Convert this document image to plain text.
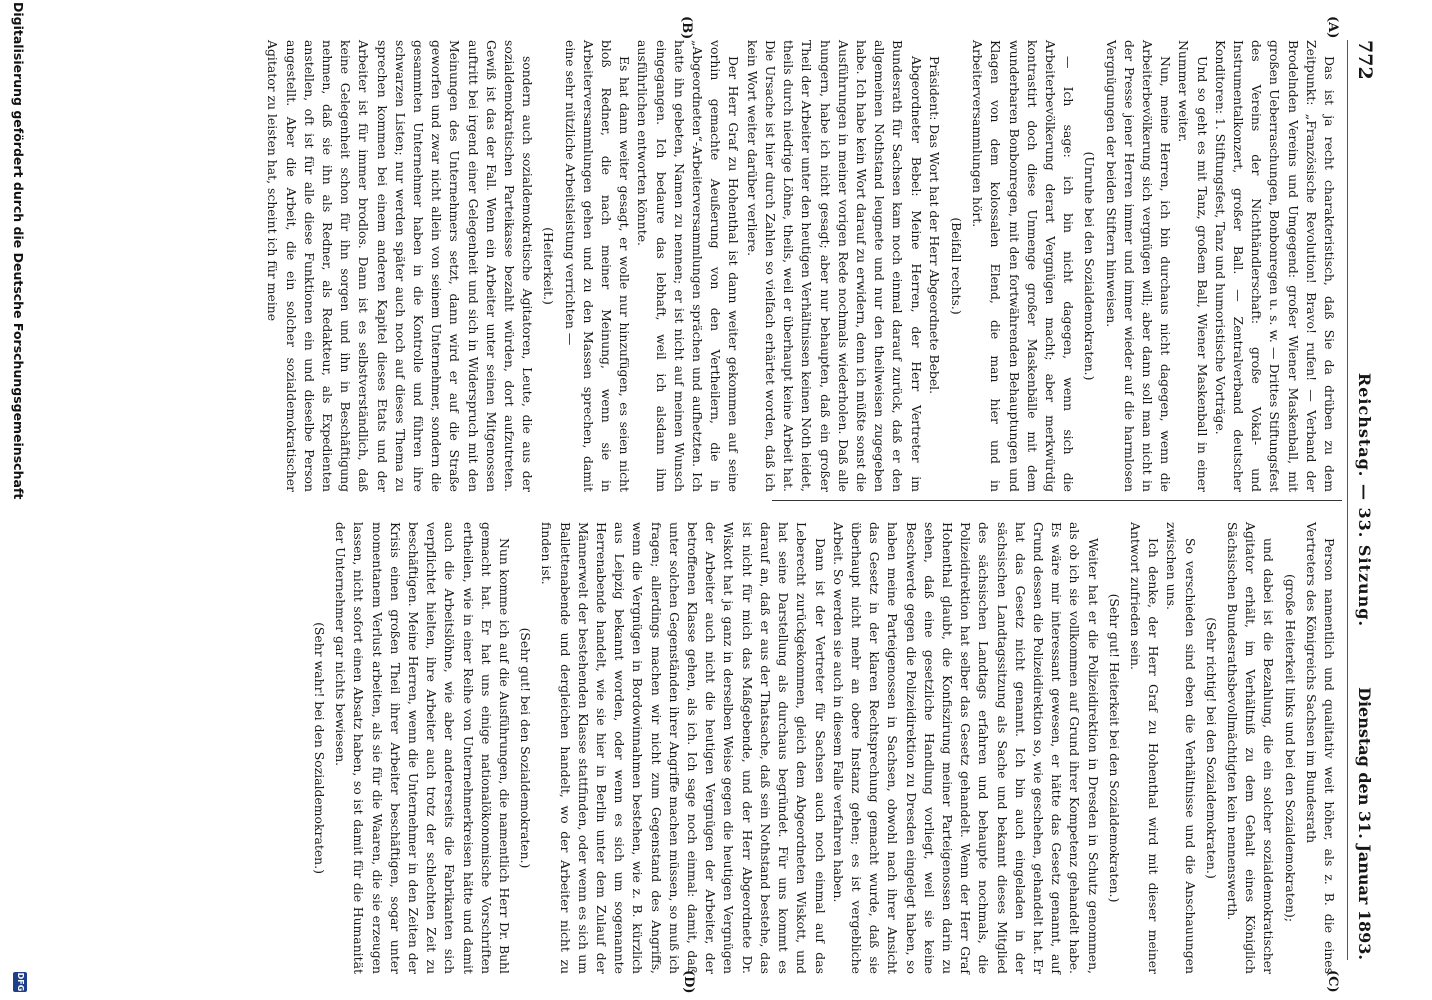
772
Reichstag. — 33. Sitzung.
Dienstag den 31. Januar 1893.
(A)
(B)
(C)
(D)

Das ist ja recht charakteristisch, daß Sie da drüben zu dem Zeitpunkt: „Französische Revolution! Bravo! rufen! — Verband der Brodelnden Vereins und Umgegend: großer Wiener Maskenball, mit großen Ueberraschungen, Bonbonregen u. s. w. — Drittes Stiftungsfest des Vereins der Nichthändlerschaft: große Vokal- und Instrumentalkonzert, großer Ball. — Zentralverband deutscher Konditoren: 1. Stiftungsfest, Tanz und humoristische Vorträge.

Und so geht es mit Tanz, großem Ball, Wiener Maskenball in einer Nummer weiter.

Nun, meine Herren, ich bin durchaus nicht dagegen, wenn die Arbeiterbevölkerung sich vergnügen will; aber dann soll man nicht in der Presse jener Herren immer und immer wieder auf die harmlosen Vergnügungen der beiden Stiftern hinweisen.

(Unruhe bei den Sozialdemokraten.)

— Ich sage: ich bin nicht dagegen, wenn sich die Arbeiterbevölkerung derart Vergnügen macht; aber merkwürdig kontrastirt doch diese Unmenge großer Maskenbälle mit dem wunderbaren Bonbonregen, mit den fortwährenden Behauptungen und Klagen von dem kolossalen Elend, die man hier und in Arbeiterversammlungen hört.

(Beifall rechts.)

Präsident: Das Wort hat der Herr Abgeordnete Bebel.

Abgeordneter Bebel: Meine Herren, der Herr Vertreter im Bundesrath für Sachsen kam noch einmal darauf zurück, daß er den allgemeinen Nothstand leugnete und nur den theilweisen zugegeben habe. Ich habe kein Wort darauf zu erwidern, denn ich müßte sonst die Ausführungen in meiner vorigen Rede nochmals wiederholen. Daß alle hungern, habe ich nicht gesagt; aber nur behaupten, daß ein großer Theil der Arbeiter unter den heutigen Verhältnissen keinen Noth leidet, theils durch niedrige Löhne, theils, weil er überhaupt keine Arbeit hat. Die Ursache ist hier durch Zahlen so vielfach erhärtet worden, daß ich kein Wort weiter darüber verliere.

Der Herr Graf zu Hohenthal ist dann weiter gekommen auf seine vorhin gemachte Aeußerung von den Vertheilern, die in „Abgeordneten“-Arbeiterversammlungen sprächen und aufhetzten. Ich hatte ihn gebeten, Namen zu nennen; er ist nicht auf meinen Wunsch eingegangen. Ich bedaure das lebhaft, weil ich alsdann ihm ausführlichen entworten könnte.

Es hat dann weiter gesagt, er wolle nur hinzufügen, es seien nicht bloß Redner, die nach meiner Meinung, wenn sie in Arbeiterversammlungen gehen und zu den Massen sprechen, damit eine sehr nützliche Arbeitsleistung verrichten —

(Heiterkeit.)

sondern auch sozialdemokratische Agitatoren, Leute, die aus der sozialdemokratischen Parteikasse bezahlt würden, dort aufzutreten. Gewiß ist das der Fall. Wenn ein Arbeiter unter seinen Mitgenossen auftritt bei irgend einer Gelegenheit und sich in Widerspruch mit den Meinungen des Unternehmers setzt, dann wird er auf die Straße geworfen und zwar nicht allein von seinem Unternehmer, sondern die gesammten Unternehmer haben in die Kontrolle und führen ihre schwarzen Listen; nur werden später auch noch auf dieses Thema zu sprechen kommen bei einem anderen Kapitel dieses Etats und der Arbeiter ist für immer brodlos. Dann ist es selbstverständlich, daß keine Gelegenheit schon für ihn sorgen und ihn in Beschäftigung nehmen, daß sie ihn als Redner, als Redakteur, als Expedienten anstellen, oft ist für alle diese Funktionen ein und dieselbe Person angestellt. Aber die Arbeit, die ein solcher sozialdemokratischer Agitator zu leisten hat, scheint ich für meine

Person namentlich und qualitativ weit höher, als z. B. die eines Vertreters des Königreichs Sachsen im Bundesrath

(große Heiterkeit links und bei den Sozialdemokraten);

und dabei ist die Bezahlung, die ein solcher sozialdemokratischer Agitator erhält, im Verhältniß zu dem Gehalt eines Königlich Sächsischen Bundesrathsbevollmächtigten kein nennenswerth.

(Sehr richtig! bei den Sozialdemokraten.)

So verschieden sind eben die Verhältnisse und die Anschauungen zwischen uns.

Ich denke, der Herr Graf zu Hohenthal wird mit dieser meiner Antwort zufrieden sein.

(Sehr gut! Heiterkeit bei den Sozialdemokraten.)

Weiter hat er die Polizeidirektion in Dresden in Schutz genommen, als ob ich sie vollkommen auf Grund ihrer Kompetenz gehandelt habe. Es wäre mir interessant gewesen, er hätte das Gesetz genannt, auf Grund dessen die Polizeidirektion so, wie geschehen, gehandelt hat. Er hat das Gesetz nicht genannt. Ich bin auch eingeladen in der sächsischen Landtagssitzung als Sache und bekannt dieses Mitglied des sächsischen Landtags erfahren und behaupte nochmals, die Polizeidirektion hat selber das Gesetz gehandelt. Wenn der Herr Graf Hohenthal glaubt, die Konfiszirung meiner Parteigenossen darin zu sehen, daß eine gesetzliche Handlung vorliegt, weil sie keine Beschwerde gegen die Polizeidirektion zu Dresden eingelegt haben, so haben meine Parteigenossen in Sachsen, obwohl nach ihrer Ansicht das Gesetz in der klaren Rechtsprechung gemacht wurde, daß sie überhaupt nicht mehr an obere Instanz gehen; es ist vergebliche Arbeit. So werden sie auch in diesem Falle verfahren haben.

Dann ist der Vertreter für Sachsen auch noch einmal auf das Leberecht zurückgekommen, gleich dem Abgeordneten Wiskott, und hat seine Darstellung als durchaus begründet. Für uns kommt es darauf an, daß er aus der Thatsache, daß sein Nothstand bestehe, das ist nicht für mich das Maßgebende, und der Herr Abgeordnete Dr. Wiskott hat ja ganz in derselben Weise gegen die heutigen Vergnügen der Arbeiter auch nicht die heutigen Vergnügen der Arbeiter, der betroffenen Klasse gehen, als ich. Ich sage noch einmal: damit, daß unter solchen Gegenständen ihrer Angriffe machen müssen, so muß ich fragen; allerdings machen wir nicht zum Gegenstand des Angriffs, wenn die Vergnügen in Bordowinnahmen bestehen, wie z. B. kürzlich aus Leipzig bekannt worden, oder wenn es sich um sogenannte Herrenabende handelt, wie sie hier in Berlin unter dem Zulauf der Männerwelt der bestehenden Klasse stattfinden, oder wenn es sich um Ballettenabende und dergleichen handelt, wo der Arbeiter nicht zu finden ist.

(Sehr gut! bei den Sozialdemokraten.)

Nun komme ich auf die Ausführungen, die namentlich Herr Dr. Buhl gemacht hat. Er hat uns einige nationalökonomische Vorschriften ertheilen, wie in einer Reihe von Unternehmerkreisen hätte und damit auch die Arbeitslöhne, wie aber andererseits die Fabrikanten sich verpflichtet hielten, ihre Arbeiter auch trotz der schlechten Zeit zu beschäftigen. Meine Herren, wenn die Unternehmer in den Zeiten der Krisis einen großen Theil ihrer Arbeiter beschäftigen, sogar unter momentanem Verlust arbeiten, als sie für die Waaren, die sie erzeugen lassen, nicht sofort einen Absatz haben, so ist damit für die Humanität der Unternehmer gar nichts bewiesen.

(Sehr wahr! bei den Sozialdemokraten.)

Digitalisierung gefördert durch die Deutsche Forschungsgemeinschaft
DFG
